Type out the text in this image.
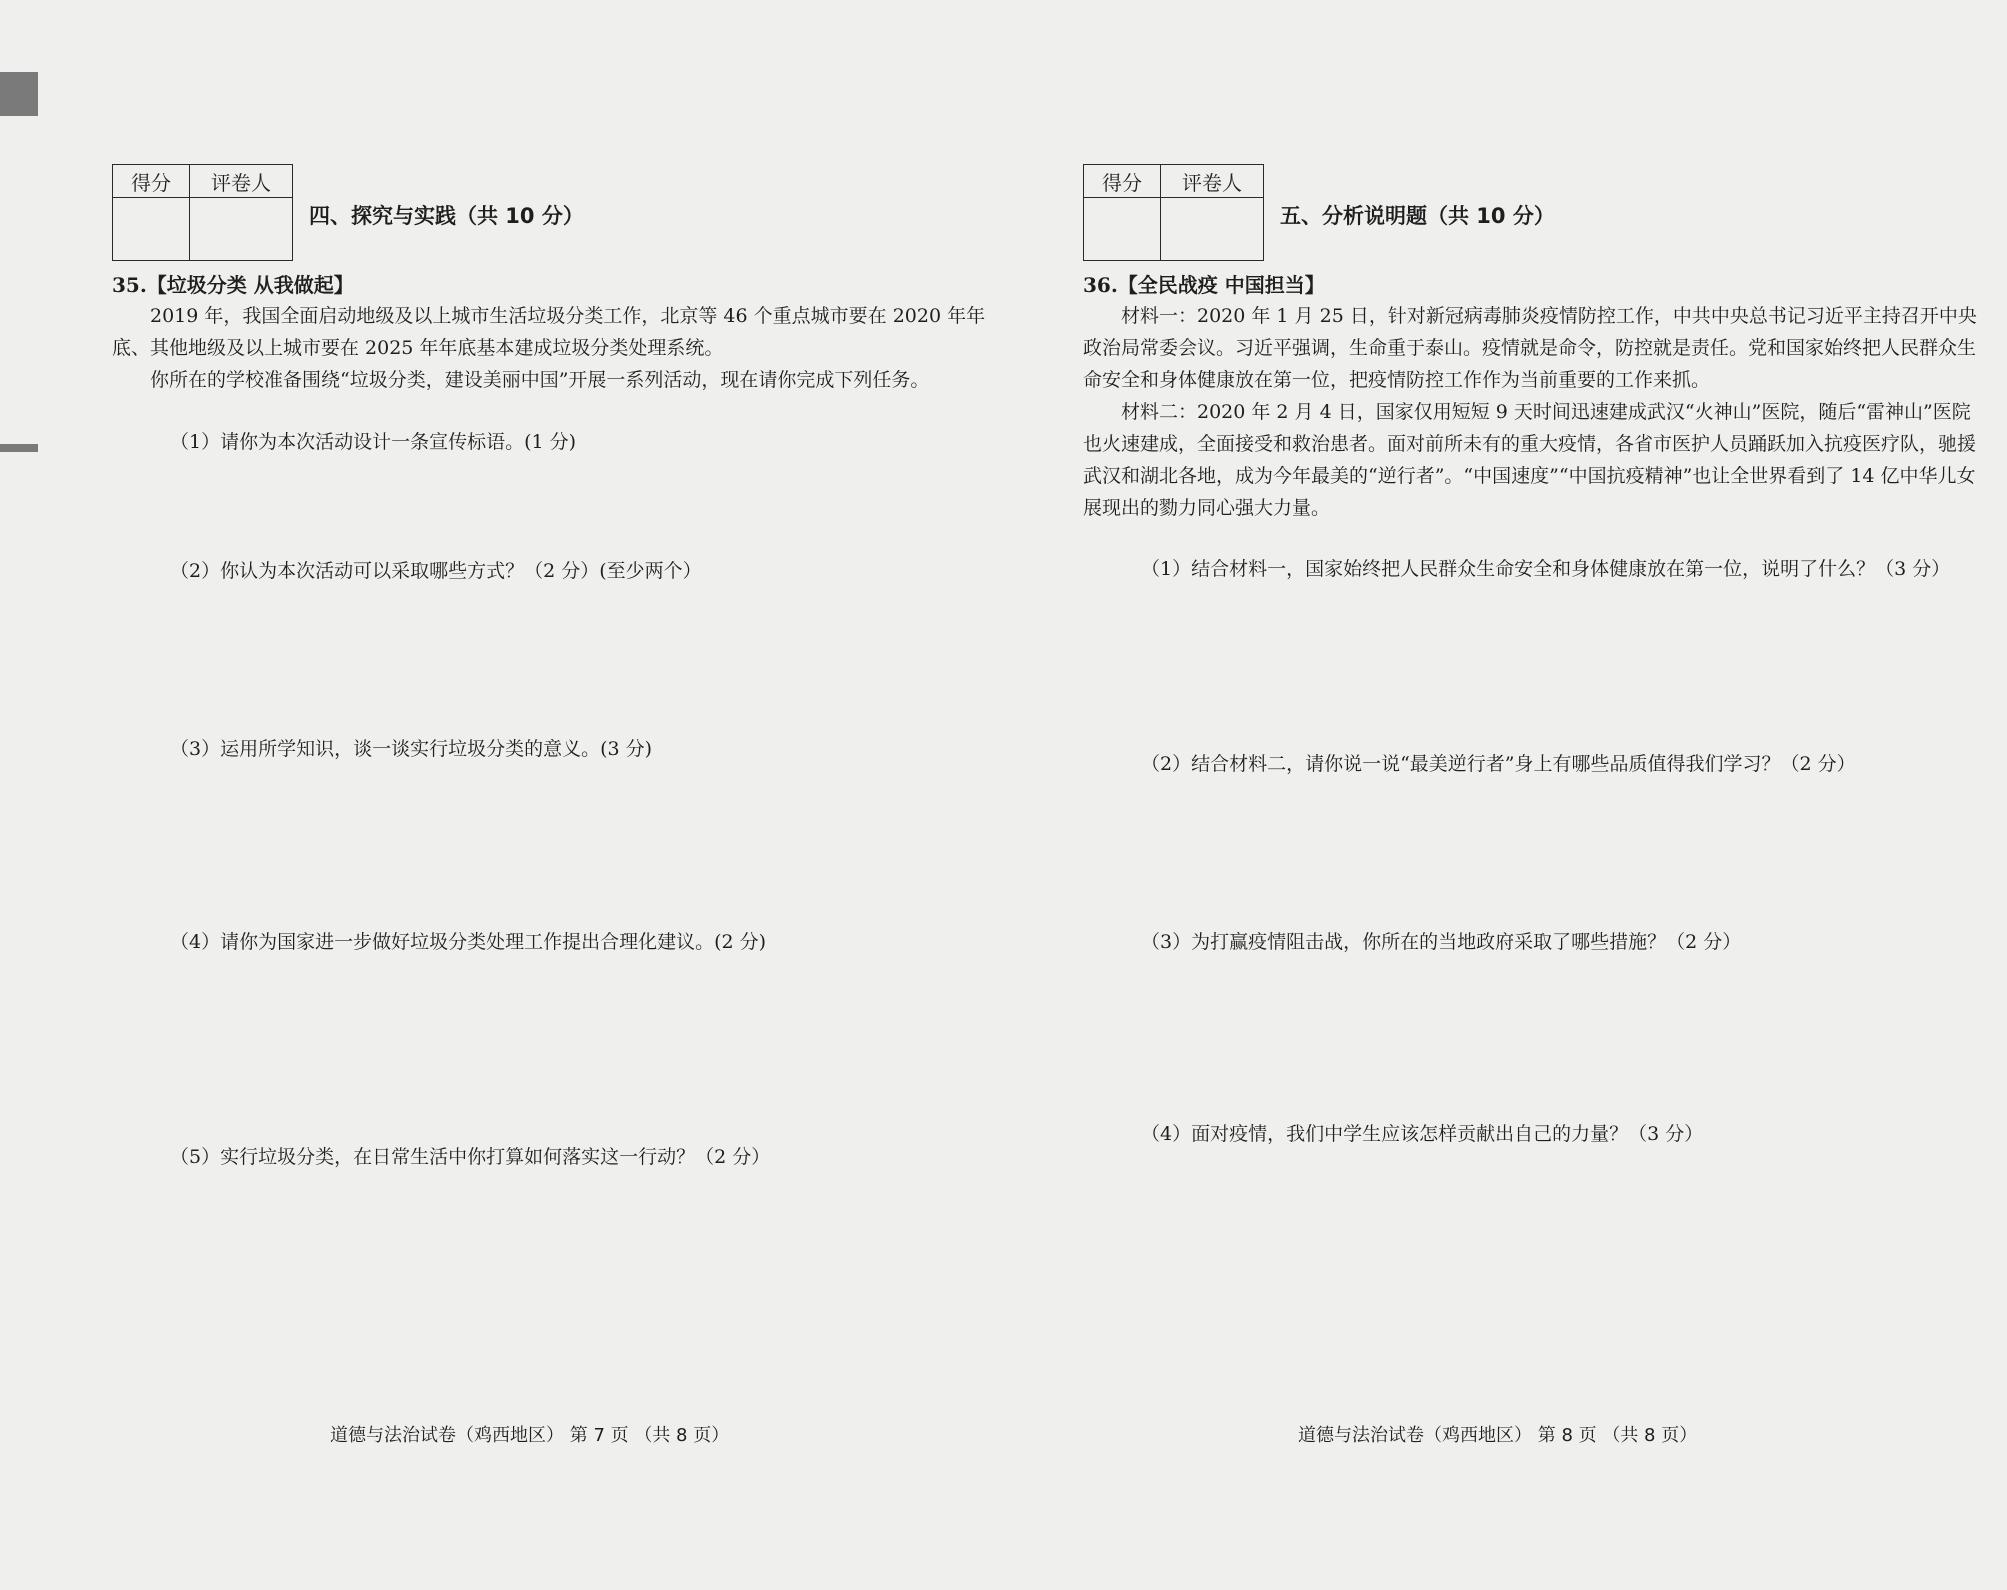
得分	评卷人

四、探究与实践（共 10 分）
35.【垃圾分类 从我做起】

2019 年，我国全面启动地级及以上城市生活垃圾分类工作，北京等 46 个重点城市要在 2020 年年底、其他地级及以上城市要在 2025 年年底基本建成垃圾分类处理系统。

你所在的学校准备围绕“垃圾分类，建设美丽中国”开展一系列活动，现在请你完成下列任务。

（1）请你为本次活动设计一条宣传标语。(1 分)
（2）你认为本次活动可以采取哪些方式？（2 分）(至少两个）
（3）运用所学知识，谈一谈实行垃圾分类的意义。(3 分)
（4）请你为国家进一步做好垃圾分类处理工作提出合理化建议。(2 分)
（5）实行垃圾分类，在日常生活中你打算如何落实这一行动？（2 分）
道德与法治试卷（鸡西地区） 第 7 页 （共 8 页）
得分	评卷人

五、分析说明题（共 10 分）
36.【全民战疫 中国担当】

材料一：2020 年 1 月 25 日，针对新冠病毒肺炎疫情防控工作，中共中央总书记习近平主持召开中央政治局常委会议。习近平强调，生命重于泰山。疫情就是命令，防控就是责任。党和国家始终把人民群众生命安全和身体健康放在第一位，把疫情防控工作作为当前重要的工作来抓。

材料二：2020 年 2 月 4 日，国家仅用短短 9 天时间迅速建成武汉“火神山”医院，随后“雷神山”医院也火速建成，全面接受和救治患者。面对前所未有的重大疫情，各省市医护人员踊跃加入抗疫医疗队，驰援武汉和湖北各地，成为今年最美的“逆行者”。“中国速度”“中国抗疫精神”也让全世界看到了 14 亿中华儿女展现出的勠力同心强大力量。

（1）结合材料一，国家始终把人民群众生命安全和身体健康放在第一位，说明了什么？（3 分）
（2）结合材料二，请你说一说“最美逆行者”身上有哪些品质值得我们学习？（2 分）
（3）为打赢疫情阻击战，你所在的当地政府采取了哪些措施？（2 分）
（4）面对疫情，我们中学生应该怎样贡献出自己的力量？（3 分）
道德与法治试卷（鸡西地区） 第 8 页 （共 8 页）
